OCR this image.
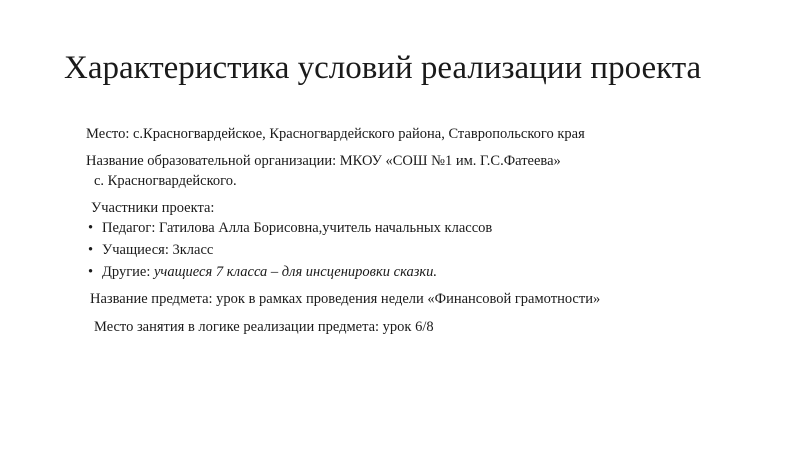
Характеристика условий реализации проекта

Место: с.Красногвардейское, Красногвардейского района, Ставропольского края

Название образовательной организации: МКОУ «СОШ №1 им. Г.С.Фатеева»

с. Красногвардейского.

Участники проекта:

• Педагог: Гатилова Алла Борисовна,учитель начальных классов
• Учащиеся: 3класс
• Другие: учащиеся 7 класса – для инсценировки сказки.

Название предмета: урок в рамках проведения недели «Финансовой грамотности»

Место занятия в логике реализации предмета: урок 6/8
